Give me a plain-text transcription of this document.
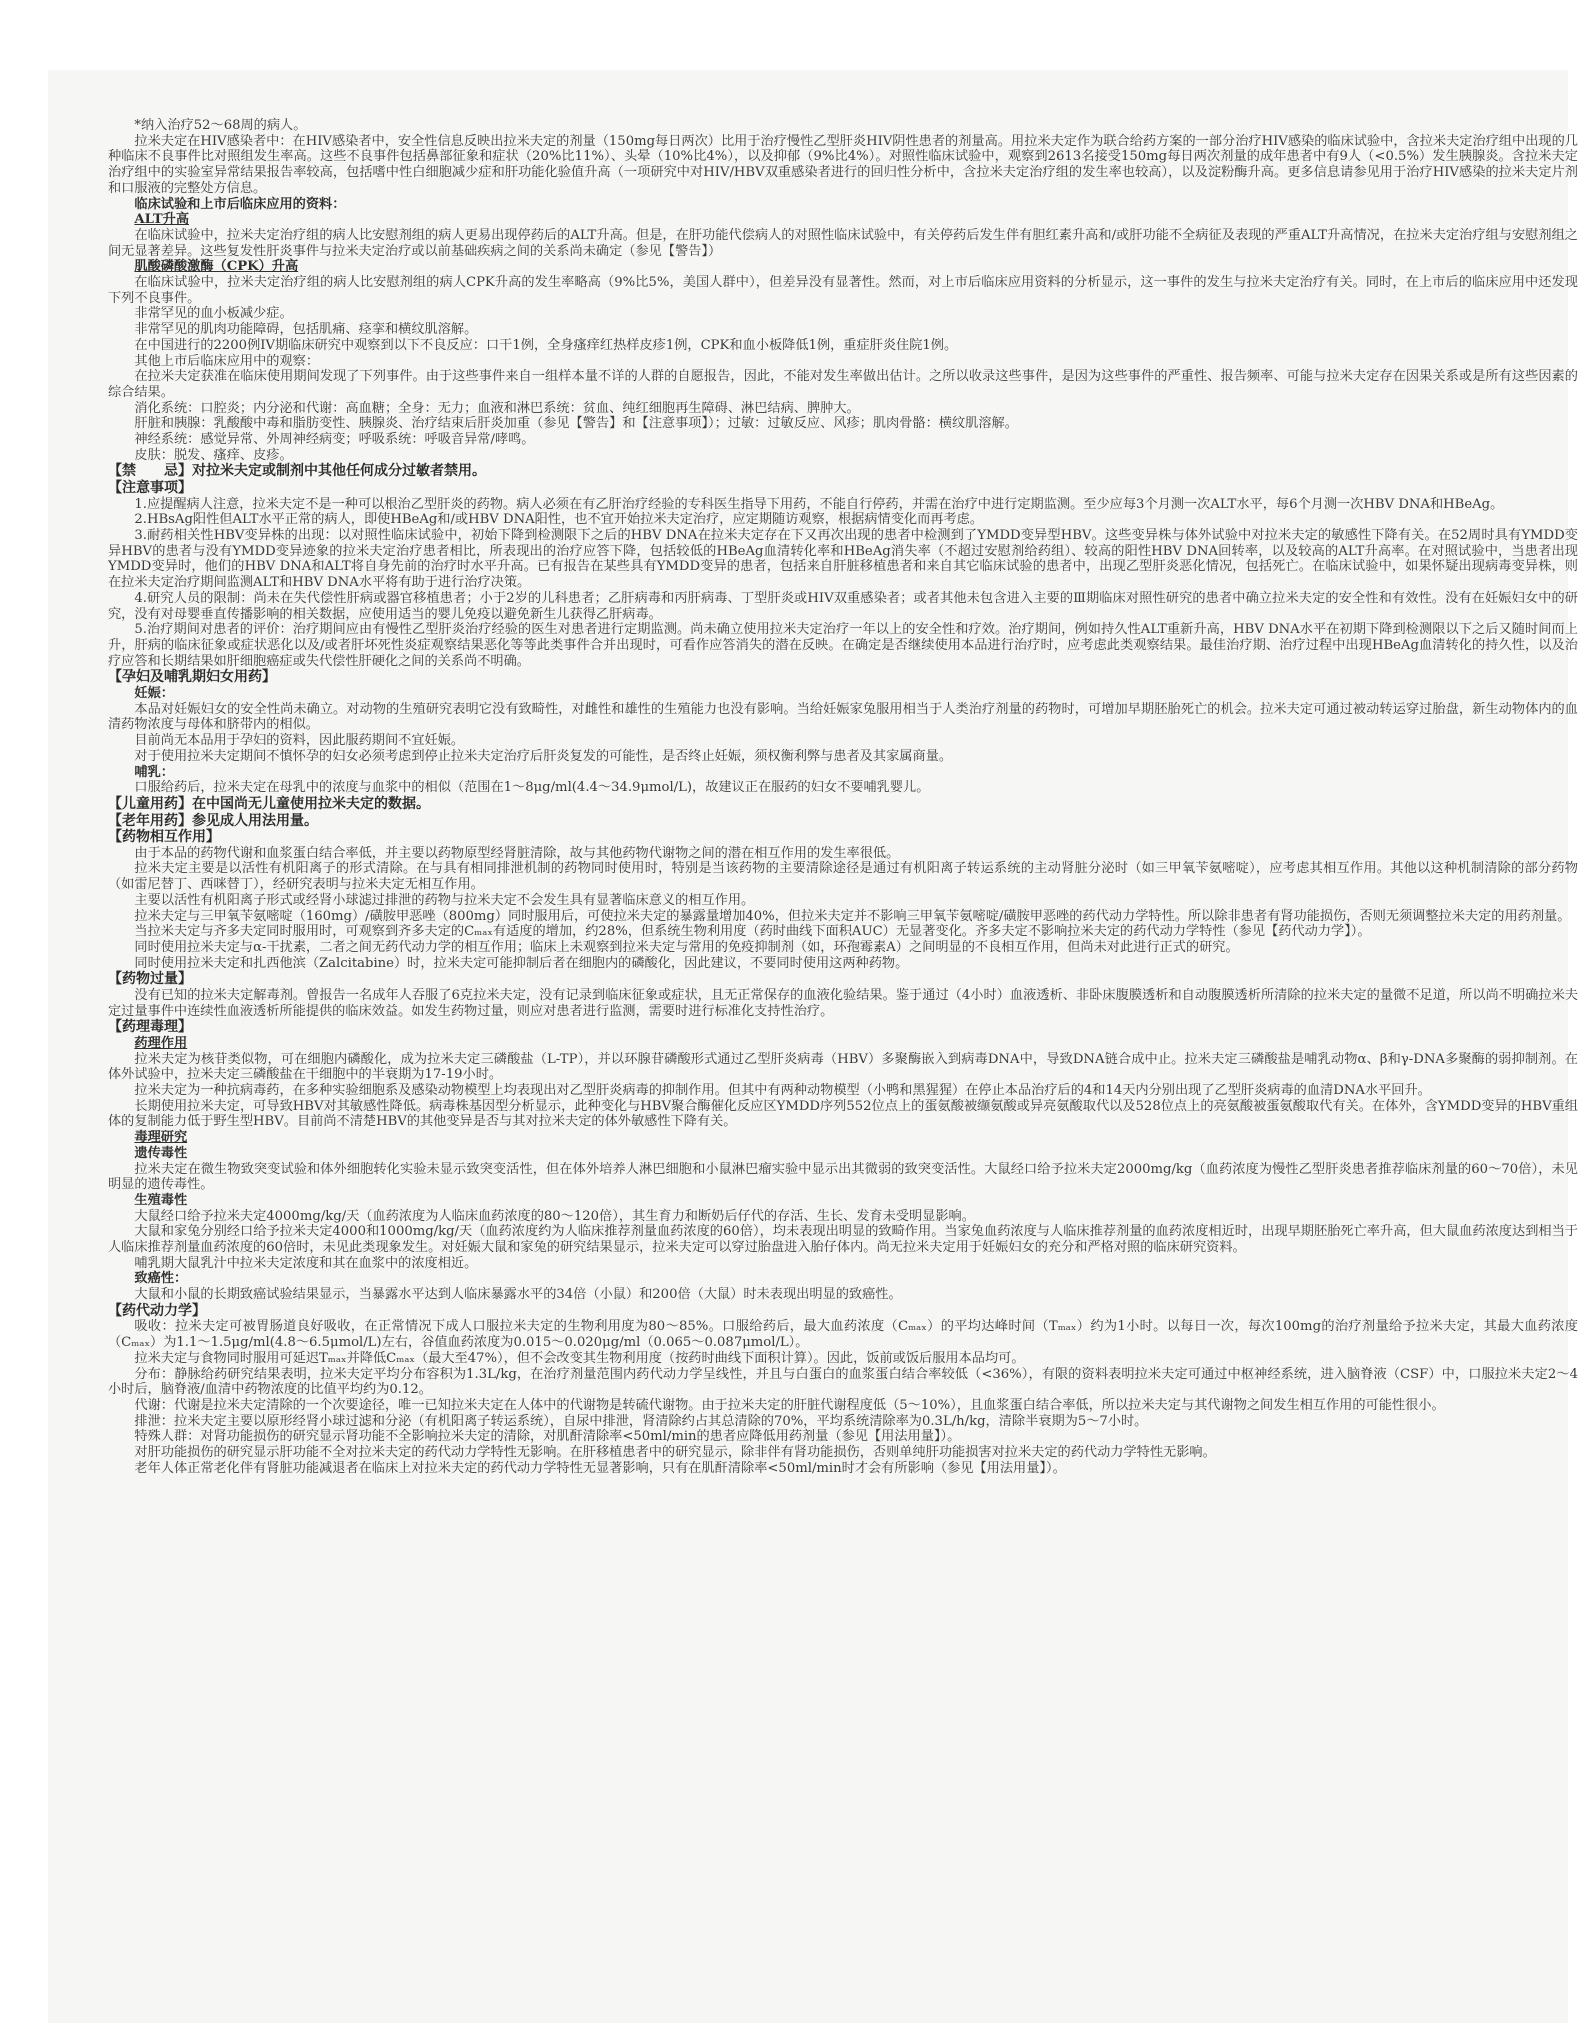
*纳入治疗52～68周的病人。

拉米夫定在HIV感染者中：在HIV感染者中，安全性信息反映出拉米夫定的剂量（150mg每日两次）比用于治疗慢性乙型肝炎HIV阴性患者的剂量高。用拉米夫定作为联合给药方案的一部分治疗HIV感染的临床试验中，含拉米夫定治疗组中出现的几种临床不良事件比对照组发生率高。这些不良事件包括鼻部征象和症状（20%比11%）、头晕（10%比4%），以及抑郁（9%比4%）。对照性临床试验中，观察到2613名接受150mg每日两次剂量的成年患者中有9人（<0.5%）发生胰腺炎。含拉米夫定治疗组中的实验室异常结果报告率较高，包括嗜中性白细胞减少症和肝功能化验值升高（一项研究中对HIV/HBV双重感染者进行的回归性分析中，含拉米夫定治疗组的发生率也较高），以及淀粉酶升高。更多信息请参见用于治疗HIV感染的拉米夫定片剂和口服液的完整处方信息。

临床试验和上市后临床应用的资料：

ALT升高

在临床试验中，拉米夫定治疗组的病人比安慰剂组的病人更易出现停药后的ALT升高。但是，在肝功能代偿病人的对照性临床试验中，有关停药后发生伴有胆红素升高和/或肝功能不全病征及表现的严重ALT升高情况，在拉米夫定治疗组与安慰剂组之间无显著差异。这些复发性肝炎事件与拉米夫定治疗或以前基础疾病之间的关系尚未确定（参见【警告】）

肌酸磷酸激酶（CPK）升高

在临床试验中，拉米夫定治疗组的病人比安慰剂组的病人CPK升高的发生率略高（9%比5%，美国人群中），但差异没有显著性。然而，对上市后临床应用资料的分析显示，这一事件的发生与拉米夫定治疗有关。同时，在上市后的临床应用中还发现下列不良事件。

非常罕见的血小板减少症。

非常罕见的肌肉功能障碍，包括肌痛、痉挛和横纹肌溶解。

在中国进行的2200例IV期临床研究中观察到以下不良反应：口干1例，全身瘙痒红热样皮疹1例，CPK和血小板降低1例，重症肝炎住院1例。

其他上市后临床应用中的观察：

在拉米夫定获准在临床使用期间发现了下列事件。由于这些事件来自一组样本量不详的人群的自愿报告，因此，不能对发生率做出估计。之所以收录这些事件，是因为这些事件的严重性、报告频率、可能与拉米夫定存在因果关系或是所有这些因素的综合结果。

消化系统：口腔炎；内分泌和代谢：高血糖；全身：无力；血液和淋巴系统：贫血、纯红细胞再生障碍、淋巴结病、脾肿大。

肝脏和胰腺：乳酸酸中毒和脂肪变性、胰腺炎、治疗结束后肝炎加重（参见【警告】和【注意事项】）；过敏：过敏反应、风疹；肌肉骨骼：横纹肌溶解。

神经系统：感觉异常、外周神经病变；呼吸系统：呼吸音异常/哮鸣。

皮肤：脱发、瘙痒、皮疹。

【禁　　忌】对拉米夫定或制剂中其他任何成分过敏者禁用。

【注意事项】

1.应提醒病人注意，拉米夫定不是一种可以根治乙型肝炎的药物。病人必须在有乙肝治疗经验的专科医生指导下用药，不能自行停药，并需在治疗中进行定期监测。至少应每3个月测一次ALT水平，每6个月测一次HBV DNA和HBeAg。

2.HBsAg阳性但ALT水平正常的病人，即使HBeAg和/或HBV DNA阳性，也不宜开始拉米夫定治疗，应定期随访观察，根据病情变化而再考虑。

3.耐药相关性HBV变异株的出现：以对照性临床试验中，初始下降到检测限下之后的HBV DNA在拉米夫定存在下又再次出现的患者中检测到了YMDD变异型HBV。这些变异株与体外试验中对拉米夫定的敏感性下降有关。在52周时具有YMDD变异HBV的患者与没有YMDD变异迹象的拉米夫定治疗患者相比，所表现出的治疗应答下降，包括较低的HBeAg血清转化率和HBeAg消失率（不超过安慰剂给药组）、较高的阳性HBV DNA回转率，以及较高的ALT升高率。在对照试验中，当患者出现YMDD变异时，他们的HBV DNA和ALT将自身先前的治疗时水平升高。已有报告在某些具有YMDD变异的患者，包括来自肝脏移植患者和来自其它临床试验的患者中，出现乙型肝炎恶化情况，包括死亡。在临床试验中，如果怀疑出现病毒变异株，则在拉米夫定治疗期间监测ALT和HBV DNA水平将有助于进行治疗决策。

4.研究人员的限制：尚未在失代偿性肝病或器官移植患者；小于2岁的儿科患者；乙肝病毒和丙肝病毒、丁型肝炎或HIV双重感染者；或者其他未包含进入主要的Ⅲ期临床对照性研究的患者中确立拉米夫定的安全性和有效性。没有在妊娠妇女中的研究，没有对母婴垂直传播影响的相关数据，应使用适当的婴儿免疫以避免新生儿获得乙肝病毒。

5.治疗期间对患者的评价：治疗期间应由有慢性乙型肝炎治疗经验的医生对患者进行定期监测。尚未确立使用拉米夫定治疗一年以上的安全性和疗效。治疗期间，例如持久性ALT重新升高，HBV DNA水平在初期下降到检测限以下之后又随时间而上升，肝病的临床征象或症状恶化以及/或者肝坏死性炎症观察结果恶化等等此类事件合并出现时，可看作应答消失的潜在反映。在确定是否继续使用本品进行治疗时，应考虑此类观察结果。最佳治疗期、治疗过程中出现HBeAg血清转化的持久性，以及治疗应答和长期结果如肝细胞癌症或失代偿性肝硬化之间的关系尚不明确。

【孕妇及哺乳期妇女用药】

妊娠：

本品对妊娠妇女的安全性尚未确立。对动物的生殖研究表明它没有致畸性，对雌性和雄性的生殖能力也没有影响。当给妊娠家兔服用相当于人类治疗剂量的药物时，可增加早期胚胎死亡的机会。拉米夫定可通过被动转运穿过胎盘，新生动物体内的血清药物浓度与母体和脐带内的相似。

目前尚无本品用于孕妇的资料，因此服药期间不宜妊娠。

对于使用拉米夫定期间不慎怀孕的妇女必须考虑到停止拉米夫定治疗后肝炎复发的可能性，是否终止妊娠，须权衡利弊与患者及其家属商量。

哺乳：

口服给药后，拉米夫定在母乳中的浓度与血浆中的相似（范围在1～8μg/ml(4.4～34.9μmol/L)，故建议正在服药的妇女不要哺乳婴儿。

【儿童用药】在中国尚无儿童使用拉米夫定的数据。

【老年用药】参见成人用法用量。

【药物相互作用】

由于本品的药物代谢和血浆蛋白结合率低，并主要以药物原型经肾脏清除，故与其他药物代谢物之间的潜在相互作用的发生率很低。

拉米夫定主要是以活性有机阳离子的形式清除。在与具有相同排泄机制的药物同时使用时，特别是当该药物的主要清除途径是通过有机阳离子转运系统的主动肾脏分泌时（如三甲氧苄氨嘧啶），应考虑其相互作用。其他以这种机制清除的部分药物（如雷尼替丁、西咪替丁），经研究表明与拉米夫定无相互作用。

主要以活性有机阳离子形式或经肾小球滤过排泄的药物与拉米夫定不会发生具有显著临床意义的相互作用。

拉米夫定与三甲氧苄氨嘧啶（160mg）/磺胺甲恶唑（800mg）同时服用后，可使拉米夫定的暴露量增加40%，但拉米夫定并不影响三甲氧苄氨嘧啶/磺胺甲恶唑的药代动力学特性。所以除非患者有肾功能损伤，否则无须调整拉米夫定的用药剂量。

当拉米夫定与齐多夫定同时服用时，可观察到齐多夫定的Cₘₐₓ有适度的增加，约28%，但系统生物利用度（药时曲线下面积AUC）无显著变化。齐多夫定不影响拉米夫定的药代动力学特性（参见【药代动力学】）。

同时使用拉米夫定与α-干扰素，二者之间无药代动力学的相互作用；临床上未观察到拉米夫定与常用的免疫抑制剂（如，环孢霉素A）之间明显的不良相互作用，但尚未对此进行正式的研究。

同时使用拉米夫定和扎西他滨（Zalcitabine）时，拉米夫定可能抑制后者在细胞内的磷酸化，因此建议，不要同时使用这两种药物。

【药物过量】

没有已知的拉米夫定解毒剂。曾报告一名成年人吞服了6克拉米夫定，没有记录到临床征象或症状，且无正常保存的血液化验结果。鉴于通过（4小时）血液透析、非卧床腹膜透析和自动腹膜透析所清除的拉米夫定的量微不足道，所以尚不明确拉米夫定过量事件中连续性血液透析所能提供的临床效益。如发生药物过量，则应对患者进行监测，需要时进行标准化支持性治疗。

【药理毒理】

药理作用

拉米夫定为核苷类似物，可在细胞内磷酸化，成为拉米夫定三磷酸盐（L-TP），并以环腺苷磷酸形式通过乙型肝炎病毒（HBV）多聚酶嵌入到病毒DNA中，导致DNA链合成中止。拉米夫定三磷酸盐是哺乳动物α、β和γ-DNA多聚酶的弱抑制剂。在体外试验中，拉米夫定三磷酸盐在干细胞中的半衰期为17-19小时。

拉米夫定为一种抗病毒药，在多种实验细胞系及感染动物模型上均表现出对乙型肝炎病毒的抑制作用。但其中有两种动物模型（小鸭和黑猩猩）在停止本品治疗后的4和14天内分别出现了乙型肝炎病毒的血清DNA水平回升。

长期使用拉米夫定，可导致HBV对其敏感性降低。病毒株基因型分析显示，此种变化与HBV聚合酶催化反应区YMDD序列552位点上的蛋氨酸被缬氨酸或异亮氨酸取代以及528位点上的亮氨酸被蛋氨酸取代有关。在体外，含YMDD变异的HBV重组体的复制能力低于野生型HBV。目前尚不清楚HBV的其他变异是否与其对拉米夫定的体外敏感性下降有关。

毒理研究

遗传毒性

拉米夫定在微生物致突变试验和体外细胞转化实验未显示致突变活性，但在体外培养人淋巴细胞和小鼠淋巴瘤实验中显示出其微弱的致突变活性。大鼠经口给予拉米夫定2000mg/kg（血药浓度为慢性乙型肝炎患者推荐临床剂量的60～70倍），未见明显的遗传毒性。

生殖毒性

大鼠经口给予拉米夫定4000mg/kg/天（血药浓度为人临床血药浓度的80～120倍），其生育力和断奶后仔代的存活、生长、发育未受明显影响。

大鼠和家兔分别经口给予拉米夫定4000和1000mg/kg/天（血药浓度约为人临床推荐剂量血药浓度的60倍），均未表现出明显的致畸作用。当家兔血药浓度与人临床推荐剂量的血药浓度相近时，出现早期胚胎死亡率升高，但大鼠血药浓度达到相当于人临床推荐剂量血药浓度的60倍时，未见此类现象发生。对妊娠大鼠和家兔的研究结果显示，拉米夫定可以穿过胎盘进入胎仔体内。尚无拉米夫定用于妊娠妇女的充分和严格对照的临床研究资料。

哺乳期大鼠乳汁中拉米夫定浓度和其在血浆中的浓度相近。

致癌性：

大鼠和小鼠的长期致癌试验结果显示，当暴露水平达到人临床暴露水平的34倍（小鼠）和200倍（大鼠）时未表现出明显的致癌性。

【药代动力学】

吸收：拉米夫定可被胃肠道良好吸收，在正常情况下成人口服拉米夫定的生物利用度为80～85%。口服给药后，最大血药浓度（Cₘₐₓ）的平均达峰时间（Tₘₐₓ）约为1小时。以每日一次，每次100mg的治疗剂量给予拉米夫定，其最大血药浓度（Cₘₐₓ）为1.1～1.5μg/ml(4.8～6.5μmol/L)左右，谷值血药浓度为0.015～0.020μg/ml（0.065～0.087μmol/L）。

拉米夫定与食物同时服用可延迟Tₘₐₓ并降低Cₘₐₓ（最大至47%），但不会改变其生物利用度（按药时曲线下面积计算）。因此，饭前或饭后服用本品均可。

分布：静脉给药研究结果表明，拉米夫定平均分布容积为1.3L/kg，在治疗剂量范围内药代动力学呈线性，并且与白蛋白的血浆蛋白结合率较低（<36%），有限的资料表明拉米夫定可通过中枢神经系统，进入脑脊液（CSF）中，口服拉米夫定2～4小时后，脑脊液/血清中药物浓度的比值平均约为0.12。

代谢：代谢是拉米夫定清除的一个次要途径，唯一已知拉米夫定在人体中的代谢物是转硫代谢物。由于拉米夫定的肝脏代谢程度低（5～10%），且血浆蛋白结合率低，所以拉米夫定与其代谢物之间发生相互作用的可能性很小。

排泄：拉米夫定主要以原形经肾小球过滤和分泌（有机阳离子转运系统），自尿中排泄，肾清除约占其总清除的70%，平均系统清除率为0.3L/h/kg，清除半衰期为5～7小时。

特殊人群：对肾功能损伤的研究显示肾功能不全影响拉米夫定的清除，对肌酐清除率<50ml/min的患者应降低用药剂量（参见【用法用量】）。

对肝功能损伤的研究显示肝功能不全对拉米夫定的药代动力学特性无影响。在肝移植患者中的研究显示，除非伴有肾功能损伤，否则单纯肝功能损害对拉米夫定的药代动力学特性无影响。

老年人体正常老化伴有肾脏功能减退者在临床上对拉米夫定的药代动力学特性无显著影响，只有在肌酐清除率<50ml/min时才会有所影响（参见【用法用量】）。
